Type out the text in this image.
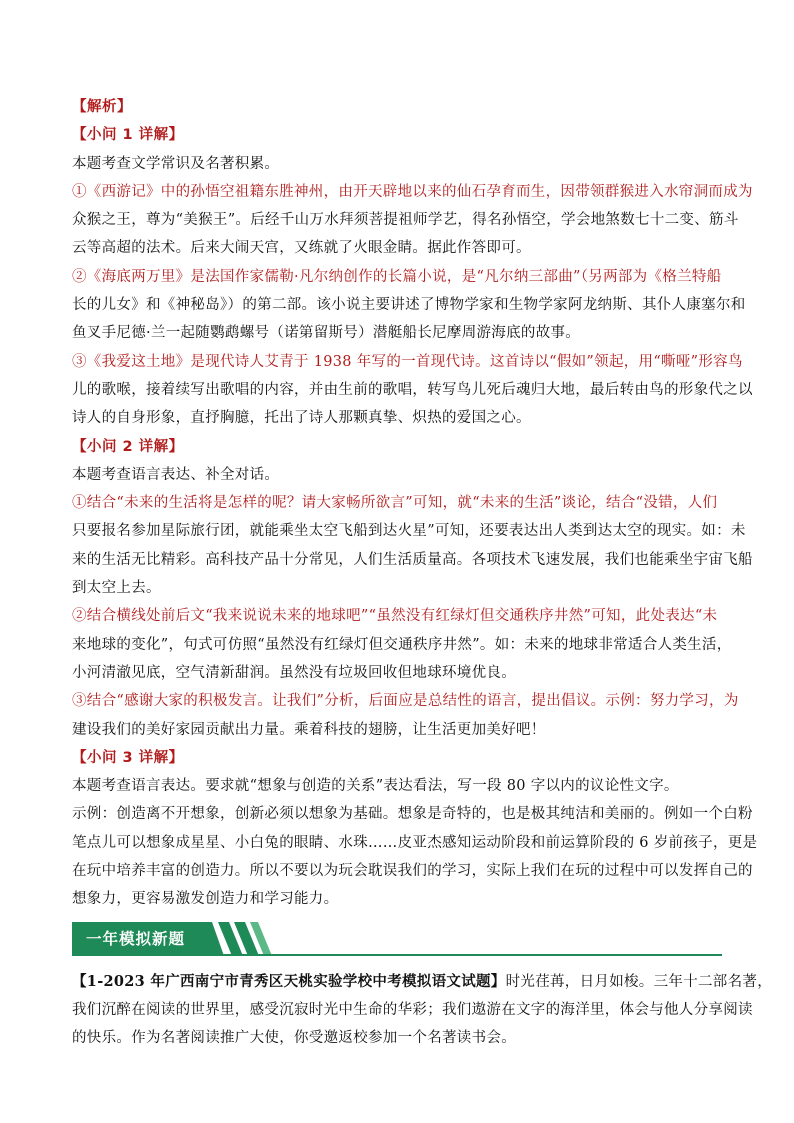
【解析】
【小问 1 详解】
本题考查文学常识及名著积累。
①《西游记》中的孙悟空祖籍东胜神州，由开天辟地以来的仙石孕育而生，因带领群猴进入水帘洞而成为
众猴之王，尊为“美猴王”。后经千山万水拜须菩提祖师学艺，得名孙悟空，学会地煞数七十二变、筋斗
云等高超的法术。后来大闹天宫，又练就了火眼金睛。据此作答即可。
②《海底两万里》是法国作家儒勒·凡尔纳创作的长篇小说，是“凡尔纳三部曲”（另两部为《格兰特船
长的儿女》和《神秘岛》）的第二部。该小说主要讲述了博物学家和生物学家阿龙纳斯、其仆人康塞尔和
鱼叉手尼德·兰一起随鹦鹉螺号（诺第留斯号）潜艇船长尼摩周游海底的故事。
③《我爱这土地》是现代诗人艾青于 1938 年写的一首现代诗。这首诗以“假如”领起，用“嘶哑”形容鸟
儿的歌喉，接着续写出歌唱的内容，并由生前的歌唱，转写鸟儿死后魂归大地，最后转由鸟的形象代之以
诗人的自身形象，直抒胸臆，托出了诗人那颗真挚、炽热的爱国之心。
【小问 2 详解】
本题考查语言表达、补全对话。
①结合“未来的生活将是怎样的呢？请大家畅所欲言”可知，就“未来的生活”谈论，结合“没错，人们
只要报名参加星际旅行团，就能乘坐太空飞船到达火星”可知，还要表达出人类到达太空的现实。如：未
来的生活无比精彩。高科技产品十分常见，人们生活质量高。各项技术飞速发展，我们也能乘坐宇宙飞船
到太空上去。
②结合横线处前后文“我来说说未来的地球吧”“虽然没有红绿灯但交通秩序井然”可知，此处表达“未
来地球的变化”，句式可仿照“虽然没有红绿灯但交通秩序井然”。如：未来的地球非常适合人类生活，
小河清澈见底，空气清新甜润。虽然没有垃圾回收但地球环境优良。
③结合“感谢大家的积极发言。让我们”分析，后面应是总结性的语言，提出倡议。示例：努力学习，为
建设我们的美好家园贡献出力量。乘着科技的翅膀，让生活更加美好吧！
【小问 3 详解】
本题考查语言表达。要求就“想象与创造的关系”表达看法，写一段 80 字以内的议论性文字。
示例：创造离不开想象，创新必须以想象为基础。想象是奇特的，也是极其纯洁和美丽的。例如一个白粉
笔点儿可以想象成星星、小白兔的眼睛、水珠……皮亚杰感知运动阶段和前运算阶段的 6 岁前孩子，更是
在玩中培养丰富的创造力。所以不要以为玩会耽误我们的学习，实际上我们在玩的过程中可以发挥自己的
想象力，更容易激发创造力和学习能力。
一年模拟新题
【1-2023 年广西南宁市青秀区天桃实验学校中考模拟语文试题】时光荏苒，日月如梭。三年十二部名著，
我们沉醉在阅读的世界里，感受沉寂时光中生命的华彩；我们遨游在文字的海洋里，体会与他人分享阅读
的快乐。作为名著阅读推广大使，你受邀返校参加一个名著读书会。
